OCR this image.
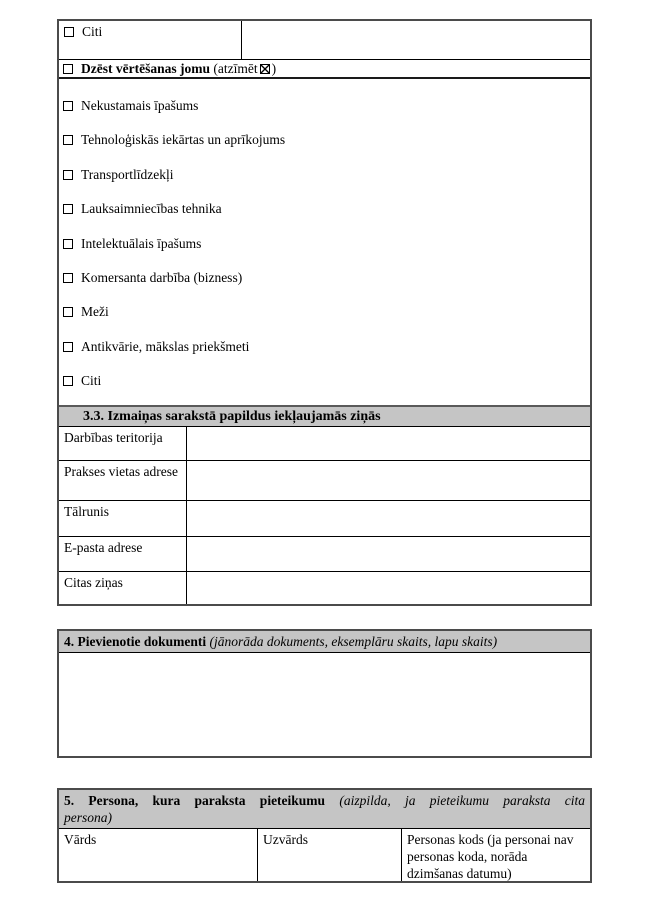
Citi
Dzēst vērtēšanas jomu (atzīmēt )
Nekustamais īpašums
Tehnoloģiskās iekārtas un aprīkojums
Transportlīdzekļi
Lauksaimniecības tehnika
Intelektuālais īpašums
Komersanta darbība (bizness)
Meži
Antikvārie, mākslas priekšmeti
Citi
3.3. Izmaiņas sarakstā papildus iekļaujamās ziņās
Darbības teritorija
Prakses vietas adrese
Tālrunis
E-pasta adrese
Citas ziņas
4. Pievienotie dokumenti (jānorāda dokuments, eksemplāru skaits, lapu skaits)
5. Persona, kura paraksta pieteikumu (aizpilda, ja pieteikumu paraksta cita
persona)
Vārds	Uzvārds	Personas kods (ja personai nav personas koda, norāda dzimšanas datumu)
